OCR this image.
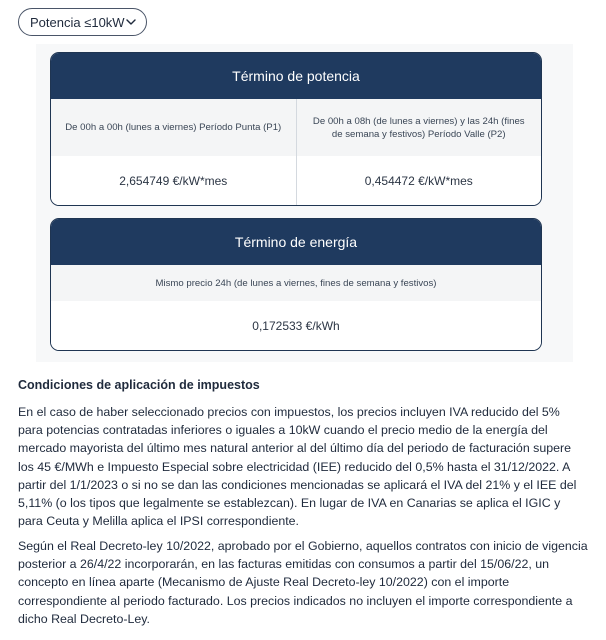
Potencia ≤10kW
Término de potencia
De 00h a 00h (lunes a viernes) Período Punta (P1)
De 00h a 08h (de lunes a viernes) y las 24h (fines de semana y festivos) Período Valle (P2)
2,654749 €/kW*mes	0,454472 €/kW*mes
Término de energía
Mismo precio 24h (de lunes a viernes, fines de semana y festivos)
0,172533 €/kWh
Condiciones de aplicación de impuestos

En el caso de haber seleccionado precios con impuestos, los precios incluyen IVA reducido del 5% para potencias contratadas inferiores o iguales a 10kW cuando el precio medio de la energía del mercado mayorista del último mes natural anterior al del último día del periodo de facturación supere los 45 €/MWh e Impuesto Especial sobre electricidad (IEE) reducido del 0,5% hasta el 31/12/2022. A partir del 1/1/2023 o si no se dan las condiciones mencionadas se aplicará el IVA del 21% y el IEE del 5,11% (o los tipos que legalmente se establezcan). En lugar de IVA en Canarias se aplica el IGIC y para Ceuta y Melilla aplica el IPSI correspondiente.

Según el Real Decreto-ley 10/2022, aprobado por el Gobierno, aquellos contratos con inicio de vigencia posterior a 26/4/22 incorporarán, en las facturas emitidas con consumos a partir del 15/06/22, un concepto en línea aparte (Mecanismo de Ajuste Real Decreto-ley 10/2022) con el importe correspondiente al periodo facturado. Los precios indicados no incluyen el importe correspondiente a dicho Real Decreto-Ley.
